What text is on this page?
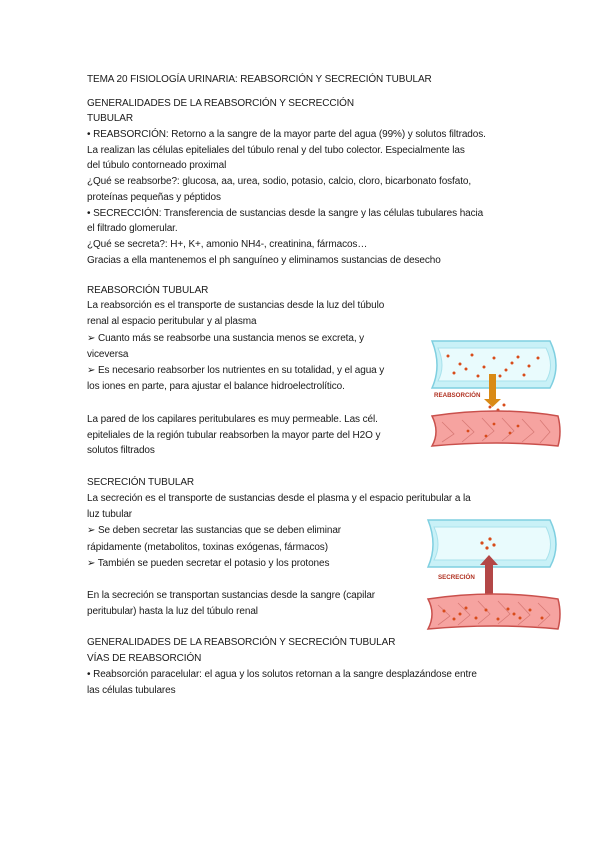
TEMA 20 FISIOLOGÍA URINARIA: REABSORCIÓN Y SECRECIÓN TUBULAR
GENERALIDADES DE LA REABSORCIÓN Y SECRECCIÓN
TUBULAR
• REABSORCIÓN: Retorno a la sangre de la mayor parte del agua (99%) y solutos filtrados.
La realizan las células epiteliales del túbulo renal y del tubo colector. Especialmente las
del túbulo contorneado proximal
¿Qué se reabsorbe?: glucosa, aa, urea, sodio, potasio, calcio, cloro, bicarbonato fosfato,
proteínas pequeñas y péptidos
• SECRECCIÓN: Transferencia de sustancias desde la sangre y las células tubulares hacia
el filtrado glomerular.
¿Qué se secreta?: H+, K+, amonio NH4-, creatinina, fármacos…
Gracias a ella mantenemos el ph sanguíneo y eliminamos sustancias de desecho
REABSORCIÓN TUBULAR
La reabsorción es el transporte de sustancias desde la luz del túbulo
renal al espacio peritubular y al plasma
➢ Cuanto más se reabsorbe una sustancia menos se excreta, y
viceversa
➢ Es necesario reabsorber los nutrientes en su totalidad, y el agua y
los iones en parte, para ajustar el balance hidroelectrolítico.
La pared de los capilares peritubulares es muy permeable. Las cél.
epiteliales de la región tubular reabsorben la mayor parte del H2O y
solutos filtrados
REABSORCIÓN
SECRECIÓN TUBULAR
La secreción es el transporte de sustancias desde el plasma y el espacio peritubular a la
luz tubular
➢ Se deben secretar las sustancias que se deben eliminar
rápidamente (metabolitos, toxinas exógenas, fármacos)
➢ También se pueden secretar el potasio y los protones
En la secreción se transportan sustancias desde la sangre (capilar
peritubular) hasta la luz del túbulo renal
SECRECIÓN
GENERALIDADES DE LA REABSORCIÓN Y SECRECIÓN TUBULAR
VÍAS DE REABSORCIÓN
• Reabsorción paracelular: el agua y los solutos retornan a la sangre desplazándose entre
las células tubulares
